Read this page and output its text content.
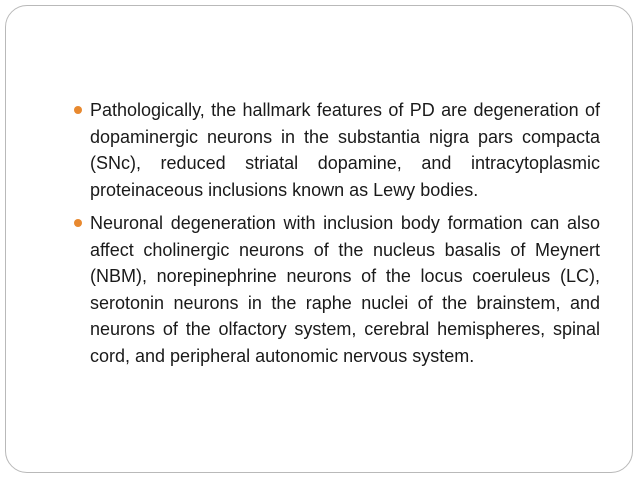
Pathologically, the hallmark features of PD are degeneration of dopaminergic neurons in the substantia nigra pars compacta (SNc), reduced striatal dopamine, and intracytoplasmic proteinaceous inclusions known as Lewy bodies.
Neuronal degeneration with inclusion body formation can also affect cholinergic neurons of the nucleus basalis of Meynert (NBM), norepinephrine neurons of the locus coeruleus (LC), serotonin neurons in the raphe nuclei of the brainstem, and neurons of the olfactory system, cerebral hemispheres, spinal cord, and peripheral autonomic nervous system.
